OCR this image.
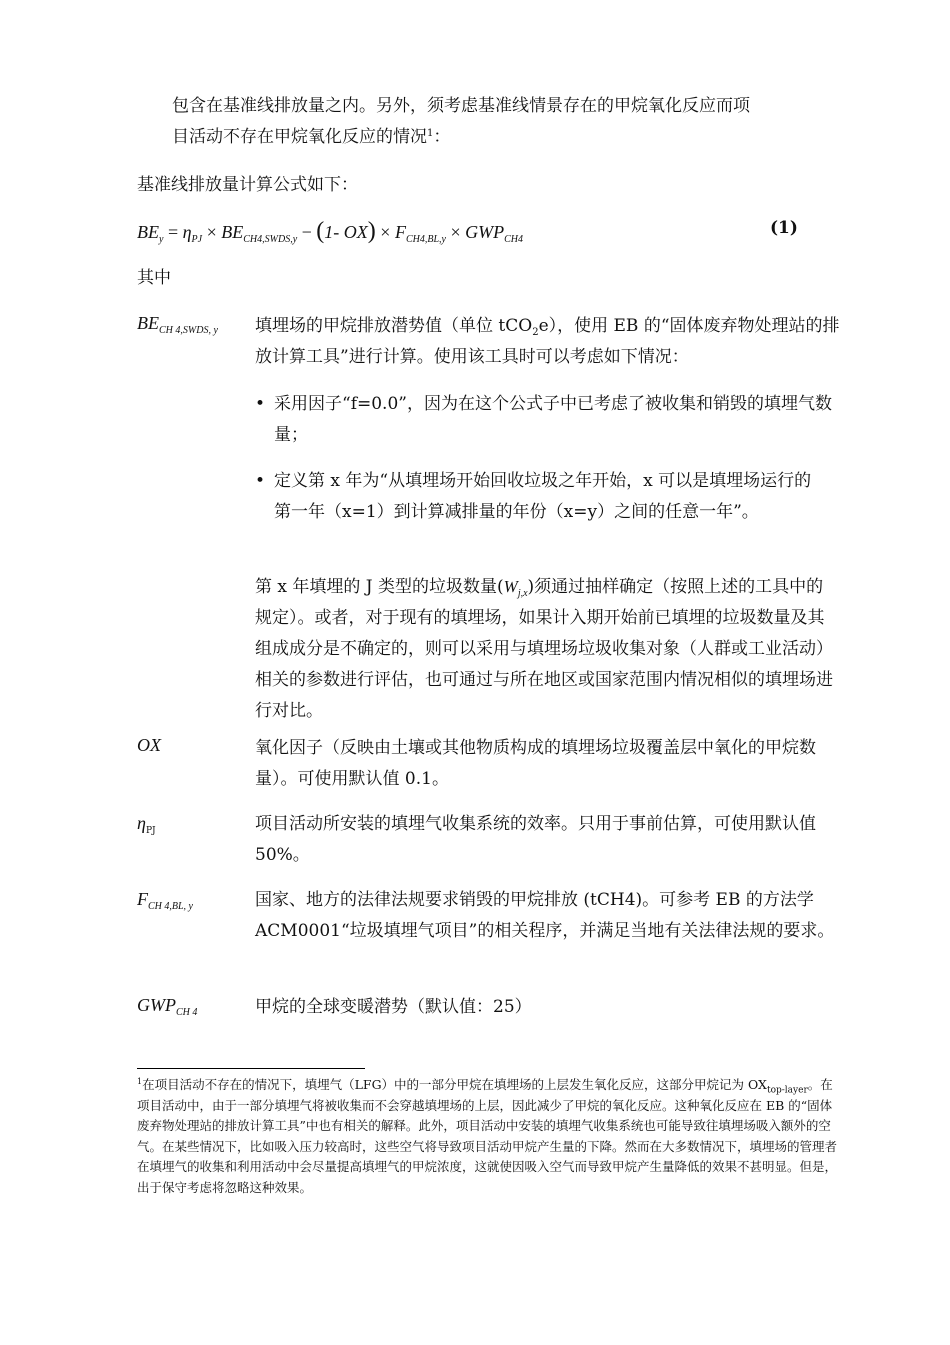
包含在基准线排放量之内。另外，须考虑基准线情景存在的甲烷氧化反应而项
目活动不存在甲烷氧化反应的情况$^1$：
基准线排放量计算公式如下：
$BE_y = \eta_{PJ} \times BE_{CH4,SWDS,y} - (1-$ $OX) \times F_{CH4,BL,y} \times GWP_{CH4}$
(1)
其中
$BE_{CH 4,SWDS, y}$ 填埋场的甲烷排放潜势值（单位 tCO$_2$e），使用 EB 的“固体废弃物处理站的排放计算工具”进行计算。使用该工具时可以考虑如下情况：
• 采用因子“f=0.0”，因为在这个公式子中已考虑了被收集和销毁的填埋气数量；
• 定义第 x 年为“从填埋场开始回收垃圾之年开始，x 可以是填埋场运行的第一年（x=1）到计算减排量的年份（x=y）之间的任意一年”。
第 x 年填埋的 J 类型的垃圾数量$(W_{j,x})$须通过抽样确定（按照上述的工具中的规定）。或者，对于现有的填埋场，如果计入期开始前已填埋的垃圾数量及其组成成分是不确定的，则可以采用与填埋场垃圾收集对象（人群或工业活动）相关的参数进行评估，也可通过与所在地区或国家范围内情况相似的填埋场进行对比。
OX	氧化因子（反映由土壤或其他物质构成的填埋场垃圾覆盖层中氧化的甲烷数量）。可使用默认值 0.1。
$\eta_{PJ}$	项目活动所安装的填埋气收集系统的效率。只用于事前估算，可使用默认值 50%。
$F_{CH 4,BL, y}$	国家、地方的法律法规要求销毁的甲烷排放 (tCH4)。可参考 EB 的方法学 ACM0001“垃圾填埋气项目”的相关程序，并满足当地有关法律法规的要求。
$GWP_{CH 4}$	甲烷的全球变暖潜势（默认值：25）
$^1$在项目活动不存在的情况下，填埋气（LFG）中的一部分甲烷在填埋场的上层发生氧化反应，这部分甲烷记为 $OX_{top-layer}$。在项目活动中，由于一部分填埋气将被收集而不会穿越填埋场的上层，因此减少了甲烷的氧化反应。这种氧化反应在 EB 的“固体废弃物处理站的排放计算工具”中也有相关的解释。此外，项目活动中安装的填埋气收集系统也可能导致往填埋场吸入额外的空气。在某些情况下，比如吸入压力较高时，这些空气将导致项目活动甲烷产生量的下降。然而在大多数情况下，填埋场的管理者在填埋气的收集和利用活动中会尽量提高填埋气的甲烷浓度，这就使因吸入空气而导致甲烷产生量降低的效果不甚明显。但是，出于保守考虑将忽略这种效果。
